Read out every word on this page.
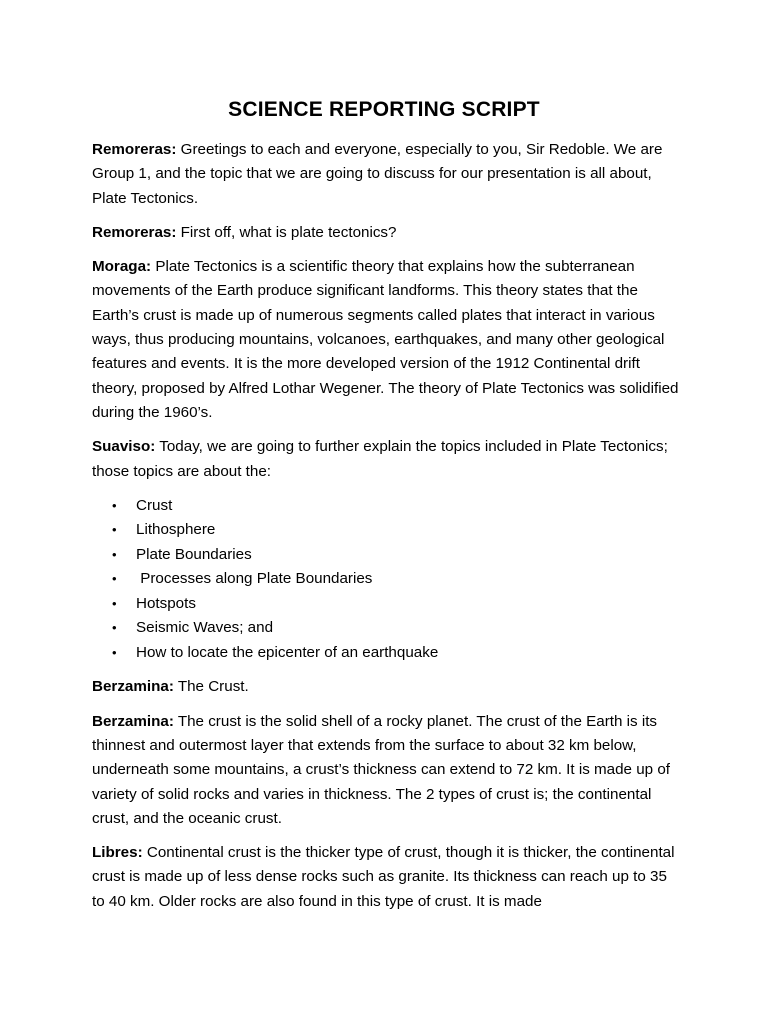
SCIENCE REPORTING SCRIPT

Remoreras: Greetings to each and everyone, especially to you, Sir Redoble. We are Group 1, and the topic that we are going to discuss for our presentation is all about, Plate Tectonics.

Remoreras: First off, what is plate tectonics?

Moraga: Plate Tectonics is a scientific theory that explains how the subterranean movements of the Earth produce significant landforms. This theory states that the Earth’s crust is made up of numerous segments called plates that interact in various ways, thus producing mountains, volcanoes, earthquakes, and many other geological features and events. It is the more developed version of the 1912 Continental drift theory, proposed by Alfred Lothar Wegener. The theory of Plate Tectonics was solidified during the 1960’s.

Suaviso: Today, we are going to further explain the topics included in Plate Tectonics; those topics are about the:

• Crust
• Lithosphere
• Plate Boundaries
• Processes along Plate Boundaries
• Hotspots
• Seismic Waves; and
• How to locate the epicenter of an earthquake

Berzamina: The Crust.

Berzamina: The crust is the solid shell of a rocky planet. The crust of the Earth is its thinnest and outermost layer that extends from the surface to about 32 km below, underneath some mountains, a crust’s thickness can extend to 72 km. It is made up of variety of solid rocks and varies in thickness. The 2 types of crust is; the continental crust, and the oceanic crust.

Libres: Continental crust is the thicker type of crust, though it is thicker, the continental crust is made up of less dense rocks such as granite. Its thickness can reach up to 35 to 40 km. Older rocks are also found in this type of crust. It is made
